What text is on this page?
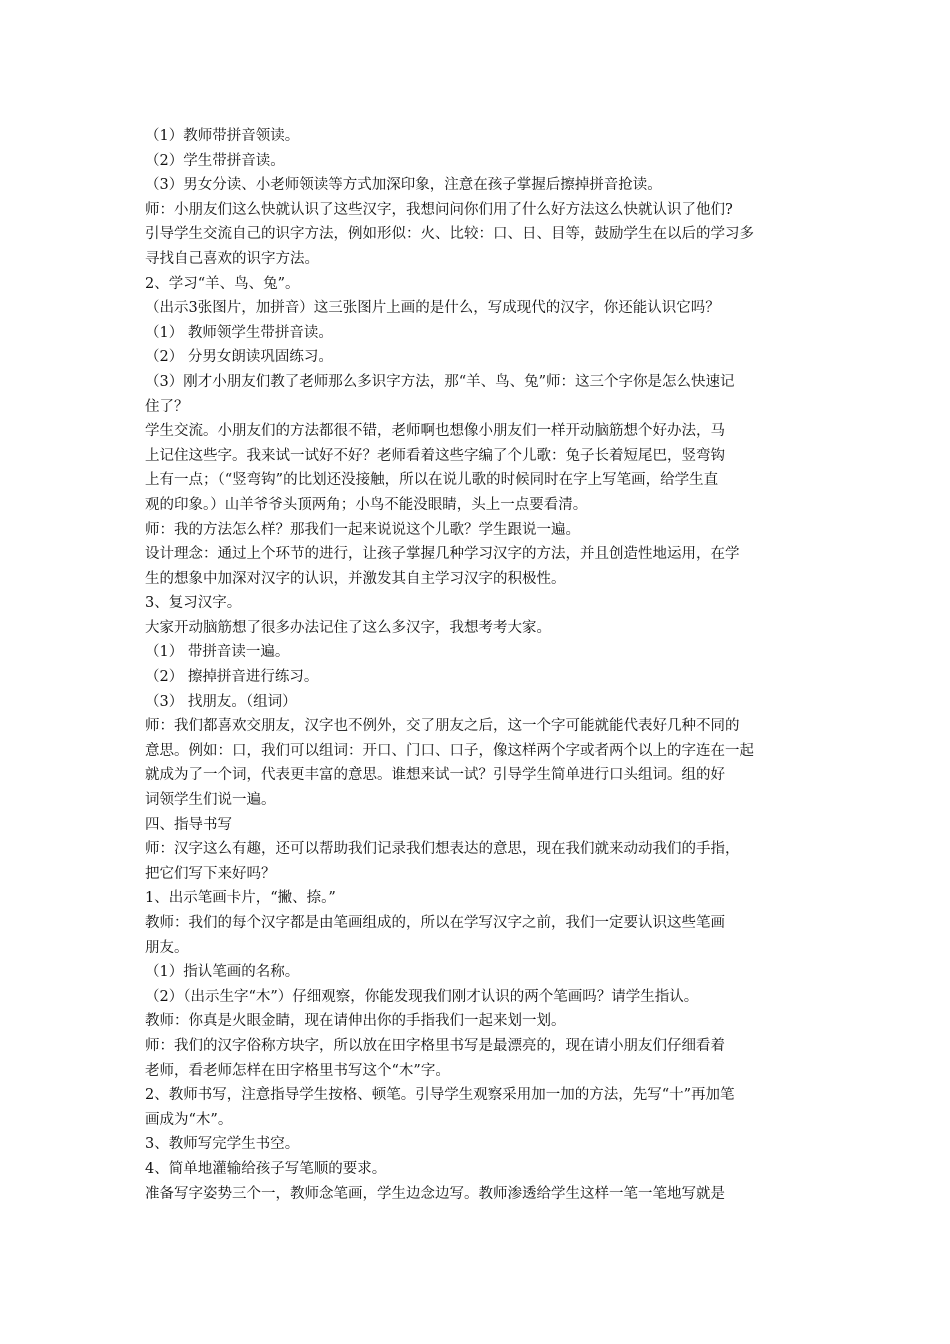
（1）教师带拼音领读。
（2）学生带拼音读。
（3）男女分读、小老师领读等方式加深印象，注意在孩子掌握后擦掉拼音抢读。
师：小朋友们这么快就认识了这些汉字，我想问问你们用了什么好方法这么快就认识了他们?
引导学生交流自己的识字方法，例如形似：火、比较：口、日、目等，鼓励学生在以后的学习多
寻找自己喜欢的识字方法。
2、学习“羊、鸟、兔”。
（出示3张图片，加拼音）这三张图片上画的是什么，写成现代的汉字，你还能认识它吗？
（1） 教师领学生带拼音读。
（2） 分男女朗读巩固练习。
（3）刚才小朋友们教了老师那么多识字方法，那“羊、鸟、兔”师：这三个字你是怎么快速记
住了？
学生交流。小朋友们的方法都很不错，老师啊也想像小朋友们一样开动脑筋想个好办法，马
上记住这些字。我来试一试好不好？老师看着这些字编了个儿歌：兔子长着短尾巴，竖弯钩
上有一点；（“竖弯钩”的比划还没接触，所以在说儿歌的时候同时在字上写笔画，给学生直
观的印象。）山羊爷爷头顶两角；小鸟不能没眼睛，头上一点要看清。
师：我的方法怎么样？那我们一起来说说这个儿歌？学生跟说一遍。
设计理念：通过上个环节的进行，让孩子掌握几种学习汉字的方法，并且创造性地运用，在学
生的想象中加深对汉字的认识，并激发其自主学习汉字的积极性。
3、复习汉字。
大家开动脑筋想了很多办法记住了这么多汉字，我想考考大家。
（1） 带拼音读一遍。
（2） 擦掉拼音进行练习。
（3） 找朋友。（组词）
师：我们都喜欢交朋友，汉字也不例外，交了朋友之后，这一个字可能就能代表好几种不同的
意思。例如：口，我们可以组词：开口、门口、口子，像这样两个字或者两个以上的字连在一起
就成为了一个词，代表更丰富的意思。谁想来试一试？引导学生简单进行口头组词。组的好
词领学生们说一遍。
四、指导书写
师：汉字这么有趣，还可以帮助我们记录我们想表达的意思，现在我们就来动动我们的手指，
把它们写下来好吗？
1、出示笔画卡片，“撇、捺。”
教师：我们的每个汉字都是由笔画组成的，所以在学写汉字之前，我们一定要认识这些笔画
朋友。
（1）指认笔画的名称。
（2）（出示生字“木”）仔细观察，你能发现我们刚才认识的两个笔画吗？请学生指认。
教师：你真是火眼金睛，现在请伸出你的手指我们一起来划一划。
师：我们的汉字俗称方块字，所以放在田字格里书写是最漂亮的，现在请小朋友们仔细看着
老师，看老师怎样在田字格里书写这个“木”字。
2、教师书写，注意指导学生按格、顿笔。引导学生观察采用加一加的方法，先写“十”再加笔
画成为“木”。
3、教师写完学生书空。
4、简单地灌输给孩子写笔顺的要求。
准备写字姿势三个一，教师念笔画，学生边念边写。教师渗透给学生这样一笔一笔地写就是
